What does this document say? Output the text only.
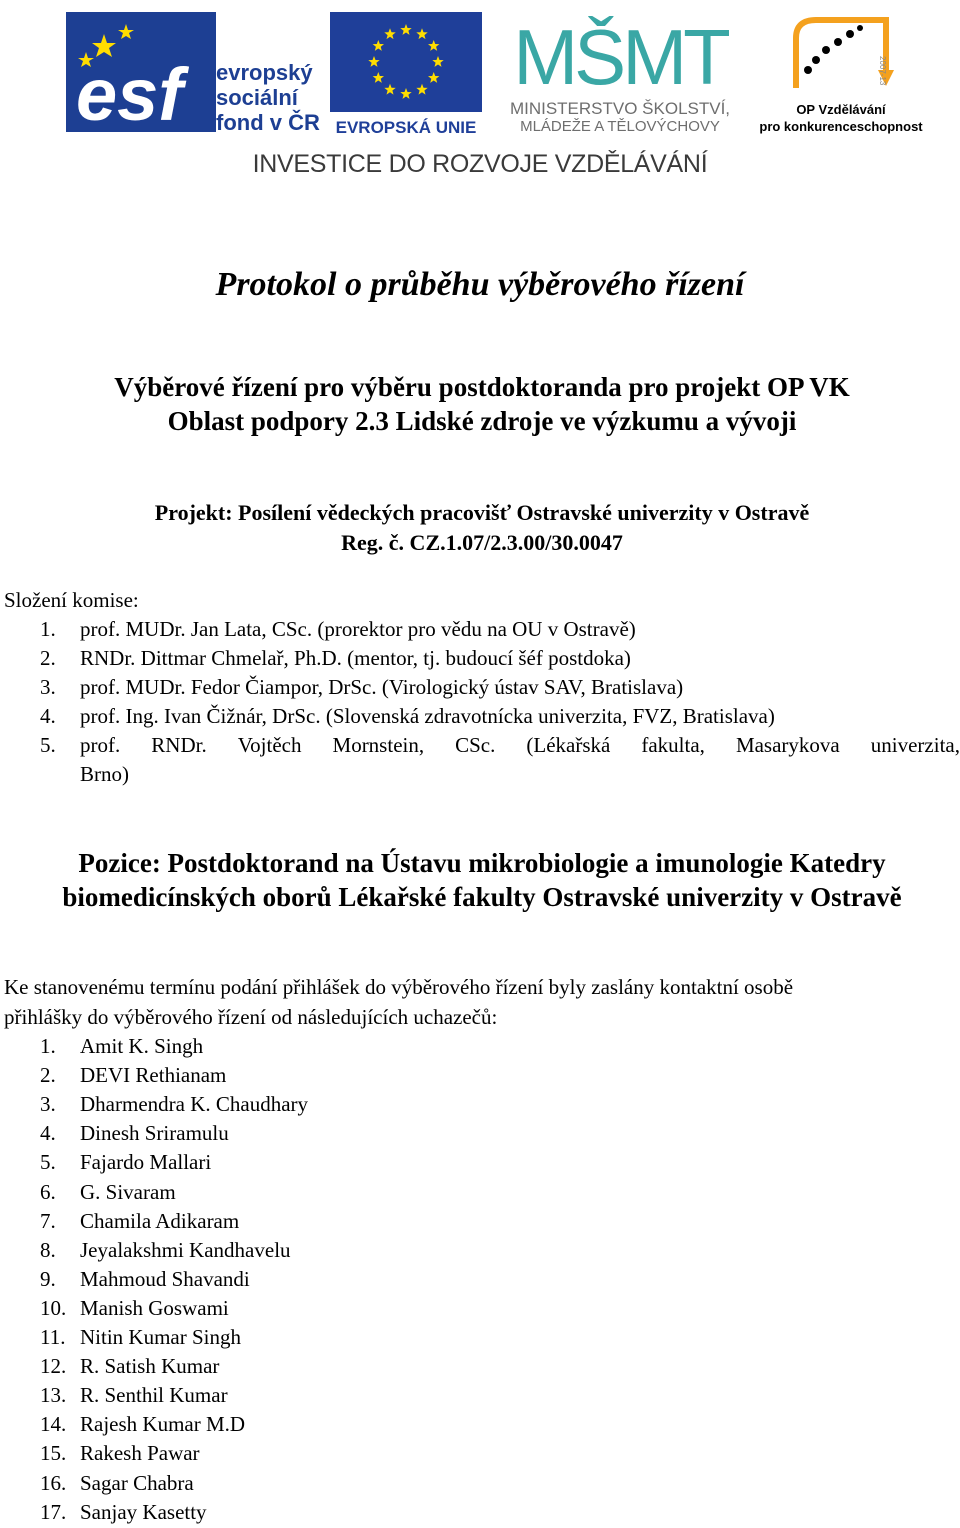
esf evropský
sociální
fond v ČR EVROPSKÁ UNIE
MŠMT
MINISTERSTVO ŠKOLSTVÍ,
MLÁDEŽE A TĚLOVÝCHOVY
2007-13
OP Vzdělávání
pro konkurenceschopnost
INVESTICE DO ROZVOJE VZDĚLÁVÁNÍ
Protokol o průběhu výběrového řízení
Výběrové řízení pro výběru postdoktoranda pro projekt OP VK
Oblast podpory 2.3 Lidské zdroje ve výzkumu a vývoji
Projekt: Posílení vědeckých pracovišť Ostravské univerzity v Ostravě
Reg. č. CZ.1.07/2.3.00/30.0047
Složení komise:
1. prof. MUDr. Jan Lata, CSc. (prorektor pro vědu na OU v Ostravě)
2. RNDr. Dittmar Chmelař, Ph.D. (mentor, tj. budoucí šéf postdoka)
3. prof. MUDr. Fedor Čiampor, DrSc. (Virologický ústav SAV, Bratislava)
4. prof. Ing. Ivan Čižnár, DrSc. (Slovenská zdravotnícka univerzita, FVZ, Bratislava)
5. prof. RNDr. Vojtěch Mornstein, CSc. (Lékařská fakulta, Masarykova univerzita,
Brno)
Pozice: Postdoktorand na Ústavu mikrobiologie a imunologie Katedry
biomedicínských oborů Lékařské fakulty Ostravské univerzity v Ostravě
Ke stanovenému termínu podání přihlášek do výběrového řízení byly zaslány kontaktní osobě
přihlášky do výběrového řízení od následujících uchazečů:
1. Amit K. Singh
2. DEVI Rethianam
3. Dharmendra K. Chaudhary
4. Dinesh Sriramulu
5. Fajardo Mallari
6. G. Sivaram
7. Chamila Adikaram
8. Jeyalakshmi Kandhavelu
9. Mahmoud Shavandi
10. Manish Goswami
11. Nitin Kumar Singh
12. R. Satish Kumar
13. R. Senthil Kumar
14. Rajesh Kumar M.D
15. Rakesh Pawar
16. Sagar Chabra
17. Sanjay Kasetty
